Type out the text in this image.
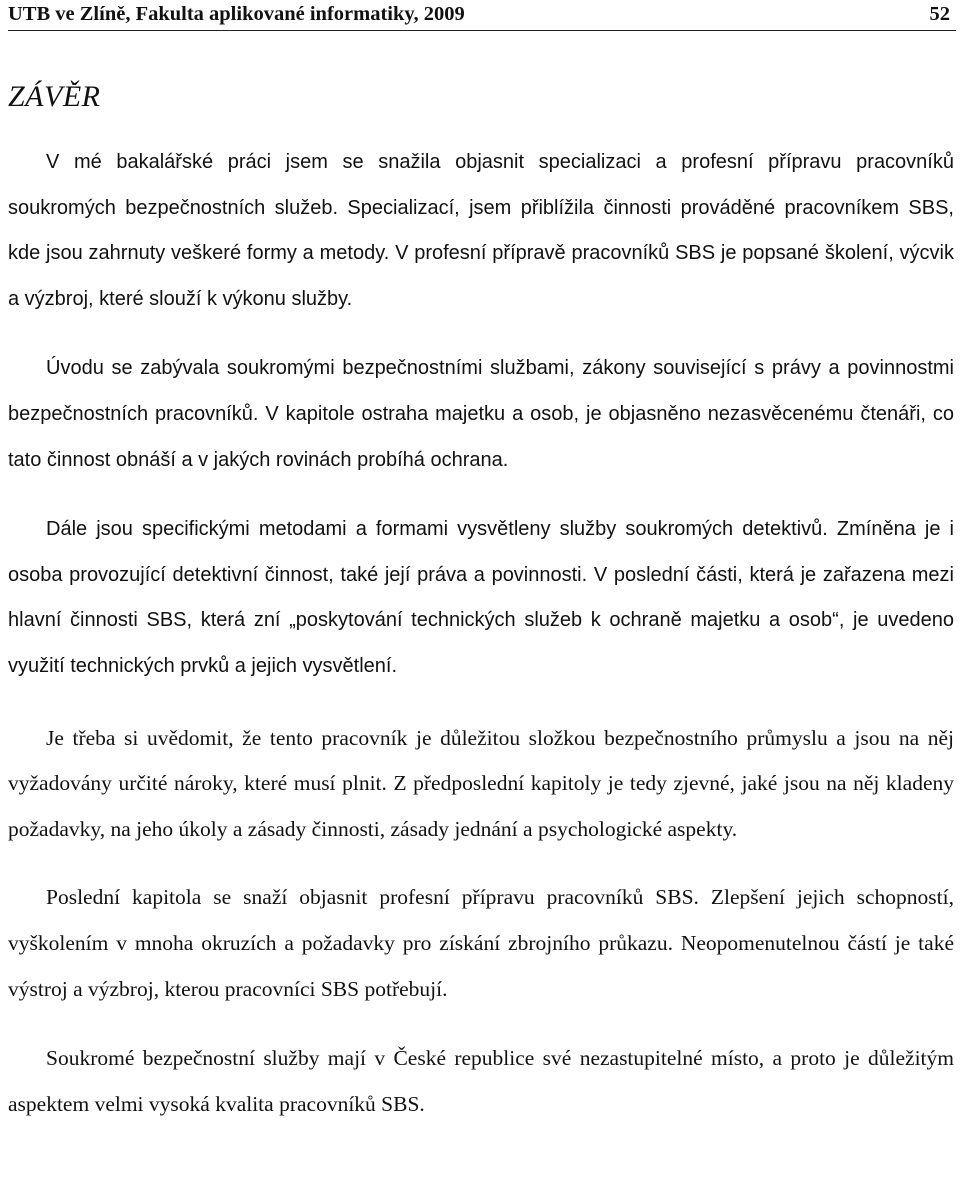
UTB ve Zlíně, Fakulta aplikované informatiky, 2009	52
ZÁVĚR

V mé bakalářské práci jsem se snažila objasnit specializaci a profesní přípravu pracovníků soukromých bezpečnostních služeb. Specializací, jsem přiblížila činnosti prováděné pracovníkem SBS, kde jsou zahrnuty veškeré formy a metody. V profesní přípravě pracovníků SBS je popsané školení, výcvik a výzbroj, které slouží k výkonu služby.

Úvodu se zabývala soukromými bezpečnostními službami, zákony související s právy a povinnostmi bezpečnostních pracovníků. V kapitole ostraha majetku a osob, je objasněno nezasvěcenému čtenáři, co tato činnost obnáší a v jakých rovinách probíhá ochrana.

Dále jsou specifickými metodami a formami vysvětleny služby soukromých detektivů. Zmíněna je i osoba provozující detektivní činnost, také její práva a povinnosti. V poslední části, která je zařazena mezi hlavní činnosti SBS, která zní „poskytování technických služeb k ochraně majetku a osob“, je uvedeno využití technických prvků a jejich vysvětlení.

Je třeba si uvědomit, že tento pracovník je důležitou složkou bezpečnostního průmyslu a jsou na něj vyžadovány určité nároky, které musí plnit. Z předposlední kapitoly je tedy zjevné, jaké jsou na něj kladeny požadavky, na jeho úkoly a zásady činnosti, zásady jednání a psychologické aspekty.

Poslední kapitola se snaží objasnit profesní přípravu pracovníků SBS. Zlepšení jejich schopností, vyškolením v mnoha okruzích a požadavky pro získání zbrojního průkazu. Neopomenutelnou částí je také výstroj a výzbroj, kterou pracovníci SBS potřebují.

Soukromé bezpečnostní služby mají v České republice své nezastupitelné místo, a proto je důležitým aspektem velmi vysoká kvalita pracovníků SBS.
